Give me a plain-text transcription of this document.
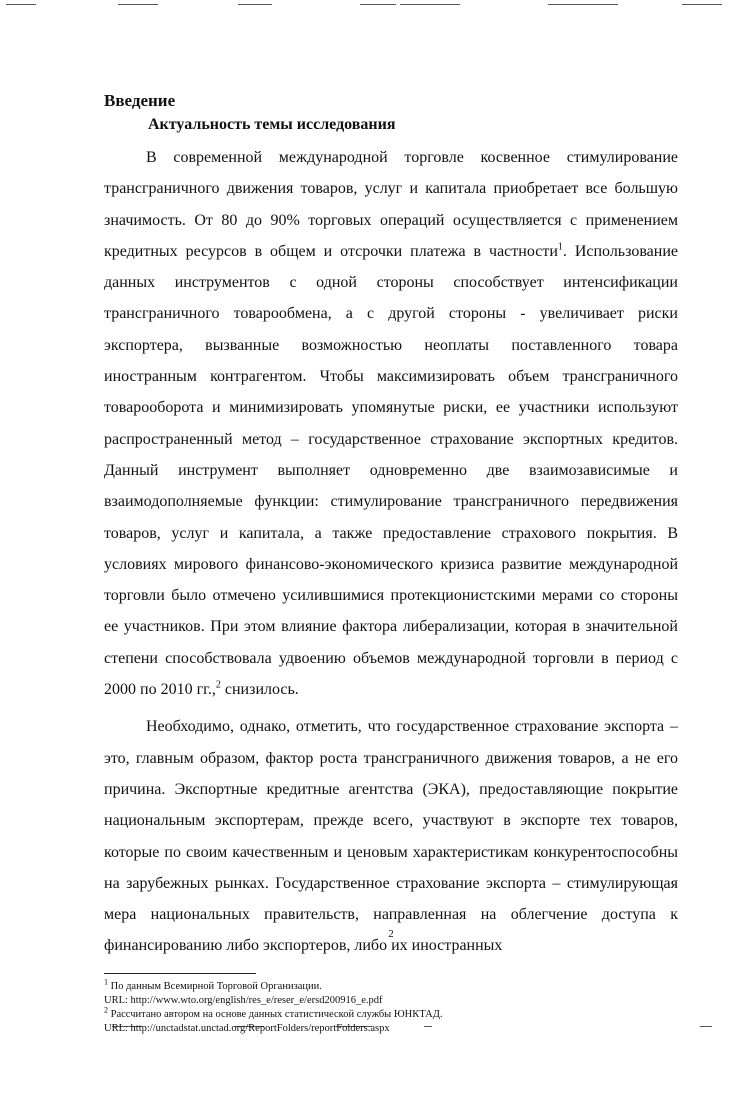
Введение
Актуальность темы исследования

В современной международной торговле косвенное стимулирование трансграничного движения товаров, услуг и капитала приобретает все большую значимость. От 80 до 90% торговых операций осуществляется с применением кредитных ресурсов в общем и отсрочки платежа в частности$^1$. Использование данных инструментов с одной стороны способствует интенсификации трансграничного товарообмена, а с другой стороны - увеличивает риски экспортера, вызванные возможностью неоплаты поставленного товара иностранным контрагентом. Чтобы максимизировать объем трансграничного товарооборота и минимизировать упомянутые риски, ее участники используют распространенный метод – государственное страхование экспортных кредитов. Данный инструмент выполняет одновременно две взаимозависимые и взаимодополняемые функции: стимулирование трансграничного передвижения товаров, услуг и капитала, а также предоставление страхового покрытия. В условиях мирового финансово-экономического кризиса развитие международной торговли было отмечено усилившимися протекционистскими мерами со стороны ее участников. При этом влияние фактора либерализации, которая в значительной степени способствовала удвоению объемов международной торговли в период с 2000 по 2010 гг.,$^2$ снизилось.

Необходимо, однако, отметить, что государственное страхование экспорта – это, главным образом, фактор роста трансграничного движения товаров, а не его причина. Экспортные кредитные агентства (ЭКА), предоставляющие покрытие национальным экспортерам, прежде всего, участвуют в экспорте тех товаров, которые по своим качественным и ценовым характеристикам конкурентоспособны на зарубежных рынках. Государственное страхование экспорта – стимулирующая мера национальных правительств, направленная на облегчение доступа к финансированию либо экспортеров, либо их иностранных

$^1$ По данным Всемирной Торговой Организации.
URL: http://www.wto.org/english/res_e/reser_e/ersd200916_e.pdf
$^2$ Рассчитано автором на основе данных статистической службы ЮНКТАД.
URL: http://unctadstat.unctad.org/ReportFolders/reportFolders.aspx
2
